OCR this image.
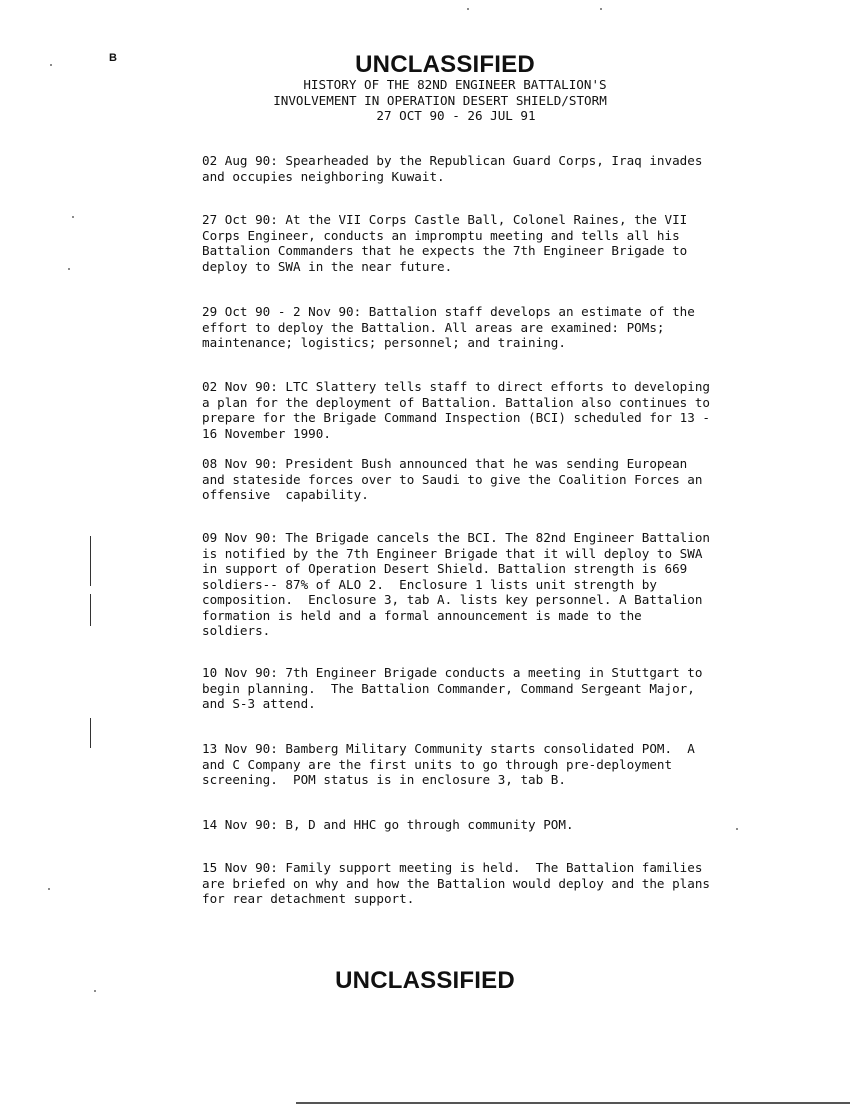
B	UNCLASSIFIED
HISTORY OF THE 82ND ENGINEER BATTALION'S
INVOLVEMENT IN OPERATION DESERT SHIELD/STORM
27 OCT 90 - 26 JUL 91
02 Aug 90: Spearheaded by the Republican Guard Corps, Iraq invades
and occupies neighboring Kuwait.
27 Oct 90: At the VII Corps Castle Ball, Colonel Raines, the VII
Corps Engineer, conducts an impromptu meeting and tells all his
Battalion Commanders that he expects the 7th Engineer Brigade to
deploy to SWA in the near future.
29 Oct 90 - 2 Nov 90: Battalion staff develops an estimate of the
effort to deploy the Battalion. All areas are examined: POMs;
maintenance; logistics; personnel; and training.
02 Nov 90: LTC Slattery tells staff to direct efforts to developing
a plan for the deployment of Battalion. Battalion also continues to
prepare for the Brigade Command Inspection (BCI) scheduled for 13 -
16 November 1990.
08 Nov 90: President Bush announced that he was sending European
and stateside forces over to Saudi to give the Coalition Forces an
offensive  capability.
09 Nov 90: The Brigade cancels the BCI. The 82nd Engineer Battalion
is notified by the 7th Engineer Brigade that it will deploy to SWA
in support of Operation Desert Shield. Battalion strength is 669
soldiers-- 87% of ALO 2.  Enclosure 1 lists unit strength by
composition.  Enclosure 3, tab A. lists key personnel. A Battalion
formation is held and a formal announcement is made to the
soldiers.
10 Nov 90: 7th Engineer Brigade conducts a meeting in Stuttgart to
begin planning.  The Battalion Commander, Command Sergeant Major,
and S-3 attend.
13 Nov 90: Bamberg Military Community starts consolidated POM.  A
and C Company are the first units to go through pre-deployment
screening.  POM status is in enclosure 3, tab B.
14 Nov 90: B, D and HHC go through community POM.
15 Nov 90: Family support meeting is held.  The Battalion families
are briefed on why and how the Battalion would deploy and the plans
for rear detachment support.
UNCLASSIFIED
